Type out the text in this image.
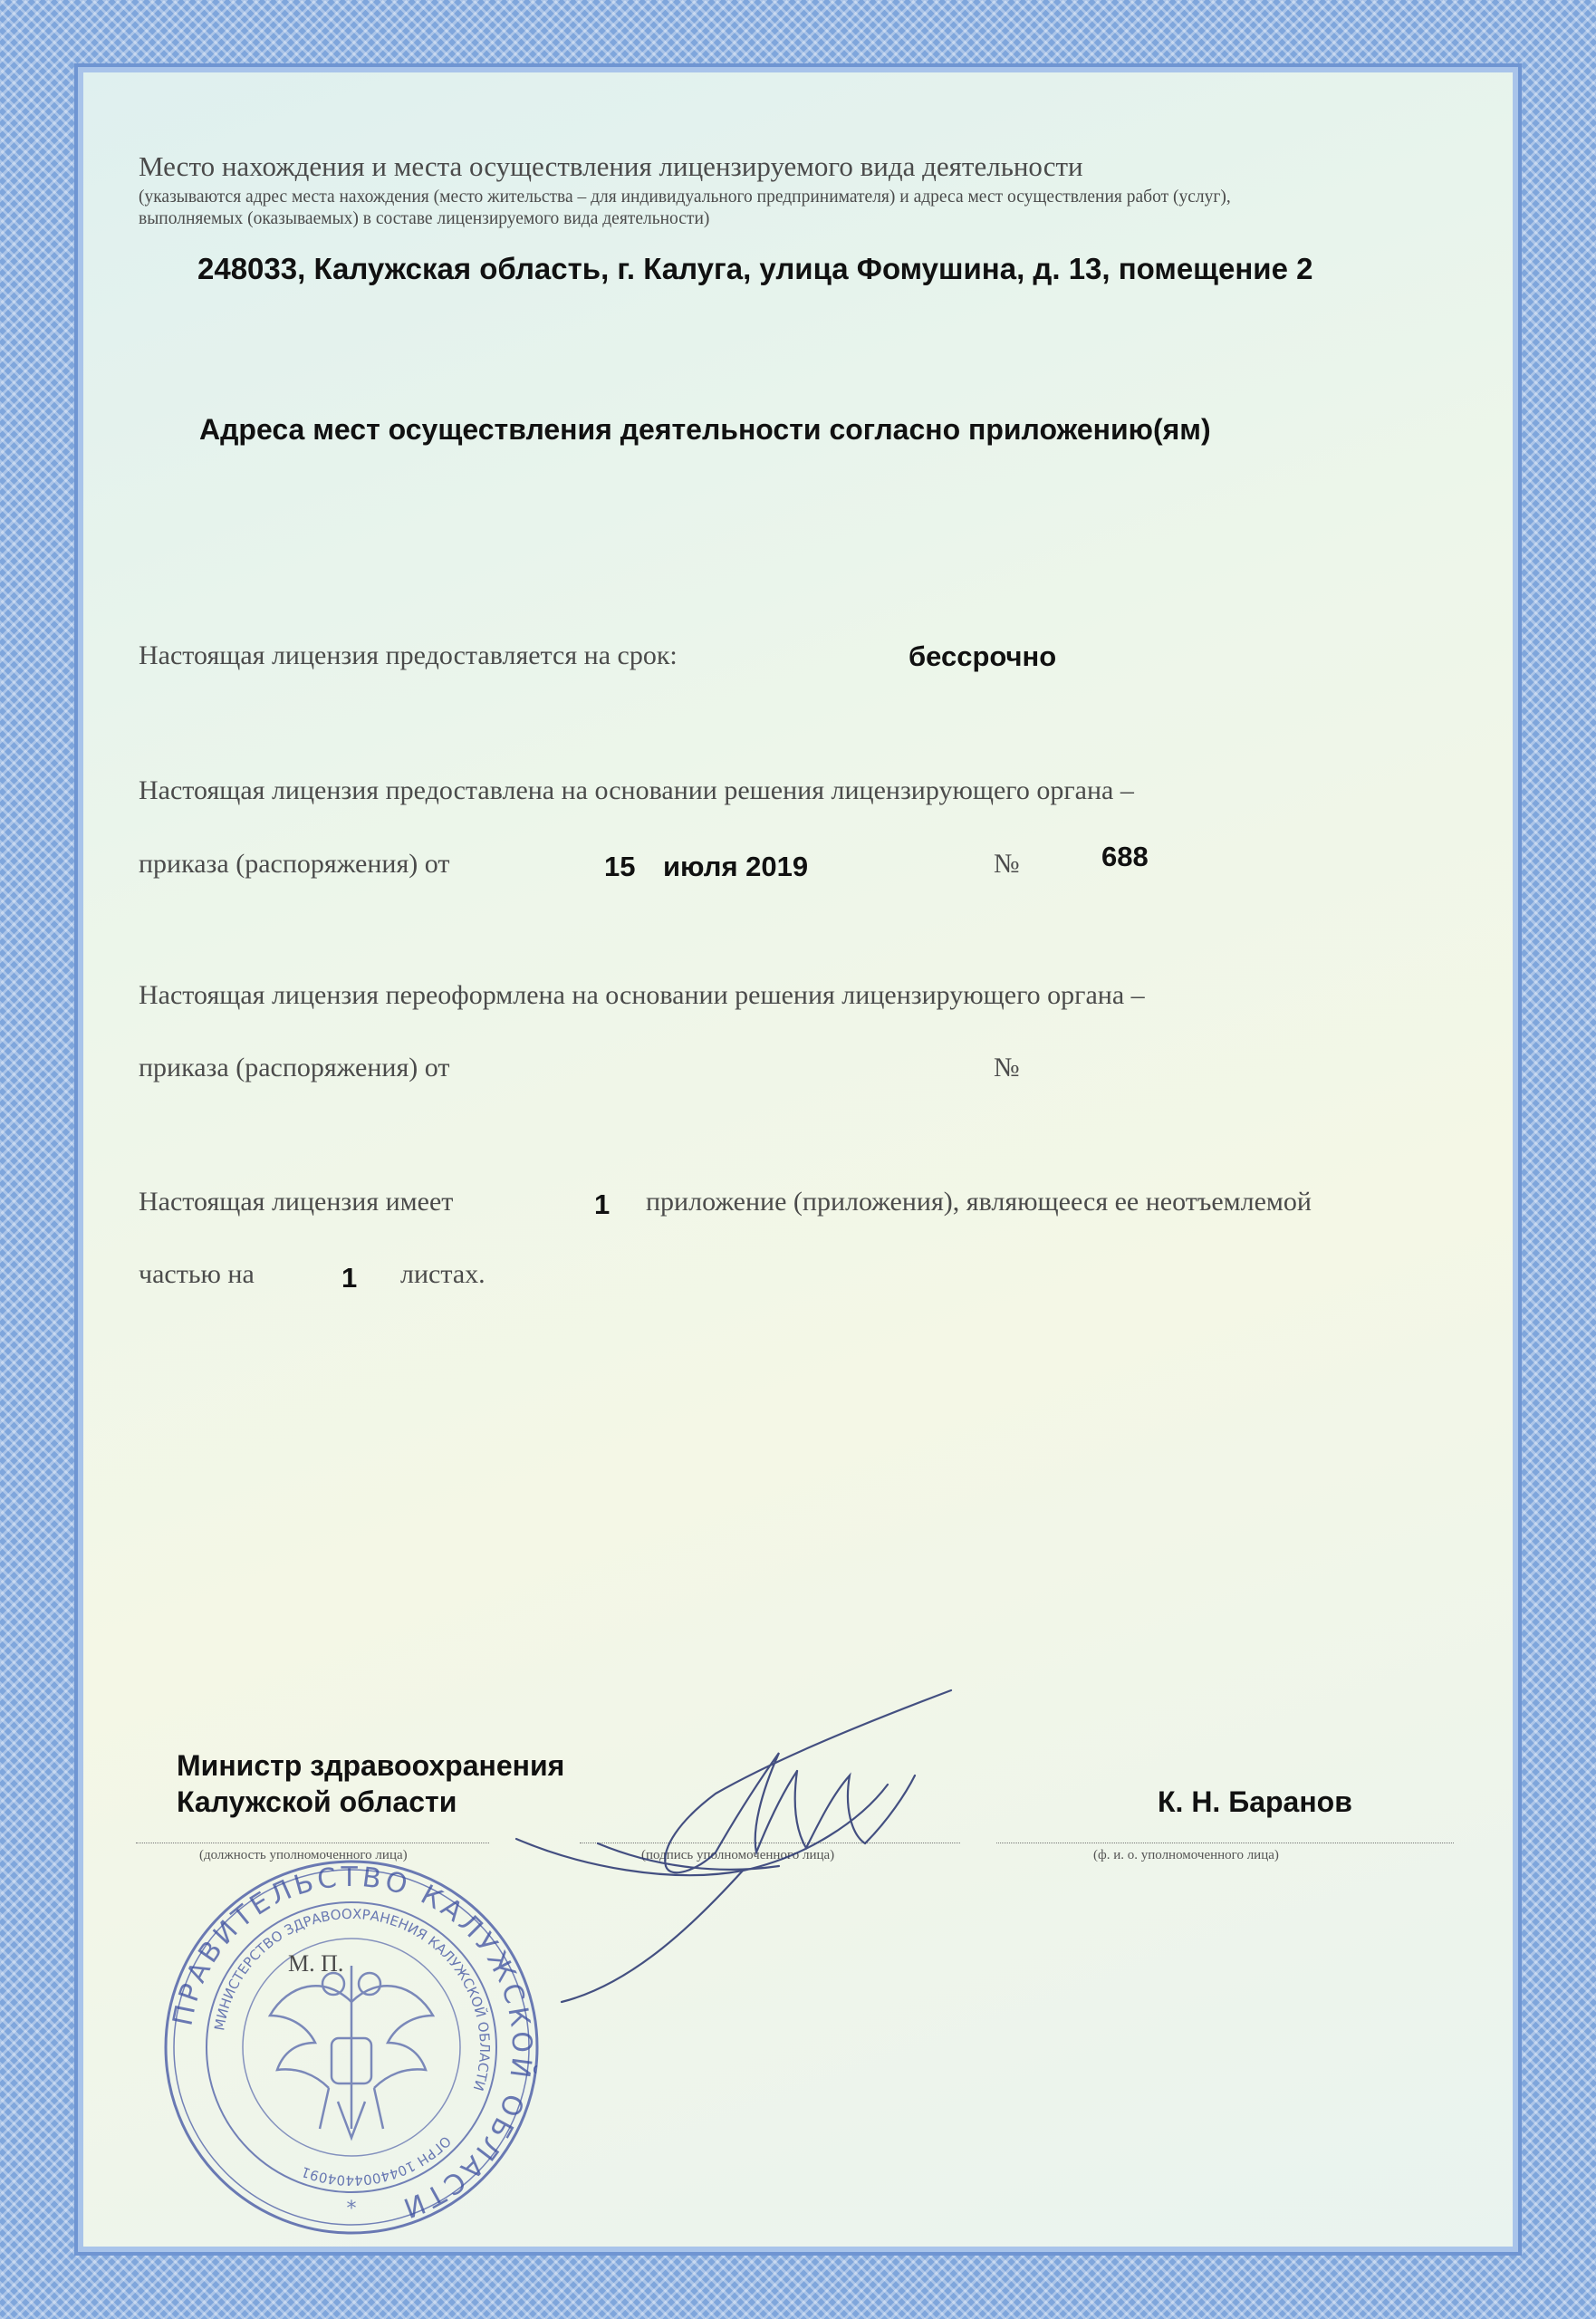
Место нахождения и места осуществления лицензируемого вида деятельности
(указываются адрес места нахождения (место жительства – для индивидуального предпринимателя) и адреса мест осуществления работ (услуг),
выполняемых (оказываемых) в составе лицензируемого вида деятельности)
248033, Калужская область, г. Калуга, улица Фомушина, д. 13, помещение 2
Адреса мест осуществления деятельности согласно приложению(ям)
Настоящая лицензия предоставляется на срок:	бессрочно
Настоящая лицензия предоставлена на основании решения лицензирующего органа –
приказа (распоряжения) от	15 июля 2019	№	688
Настоящая лицензия переоформлена на основании решения лицензирующего органа –
приказа (распоряжения) от	№
Настоящая лицензия имеет	1 приложение (приложения), являющееся ее неотъемлемой
частью на	1 листах.
Министр здравоохранения
Калужской области	К. Н. Баранов
(должность уполномоченного лица)	(подпись уполномоченного лица)	(ф. и. о. уполномоченного лица)
ПРАВИТЕЛЬСТВО КАЛУЖСКОЙ ОБЛАСТИ
МИНИСТЕРСТВО ЗДРАВООХРАНЕНИЯ КАЛУЖСКОЙ ОБЛАСТИ
ОГРН 1044004404091
*
М. П.
